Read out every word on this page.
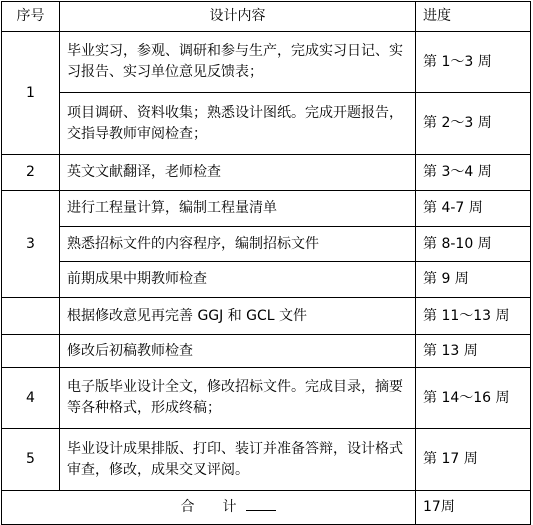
序号	设计内容	进度
1	毕业实习，参观、调研和参与生产，完成实习日记、实习报告、实习单位意见反馈表；	第 1～3 周
	项目调研、资料收集；熟悉设计图纸。完成开题报告，交指导教师审阅检查；	第 2～3 周
2	英文文献翻译，老师检查	第 3～4 周
3	进行工程量计算，编制工程量清单	第 4-7 周
	熟悉招标文件的内容程序，编制招标文件	第 8-10 周
	前期成果中期教师检查	第 9 周
	根据修改意见再完善 GGJ 和 GCL 文件	第 11～13 周
	修改后初稿教师检查	第 13 周
4	电子版毕业设计全文，修改招标文件。完成目录，摘要等各种格式，形成终稿；	第 14～16 周
5	毕业设计成果排版、打印、装订并准备答辩，设计格式审查，修改，成果交叉评阅。	第 17 周
合　　计		17周
